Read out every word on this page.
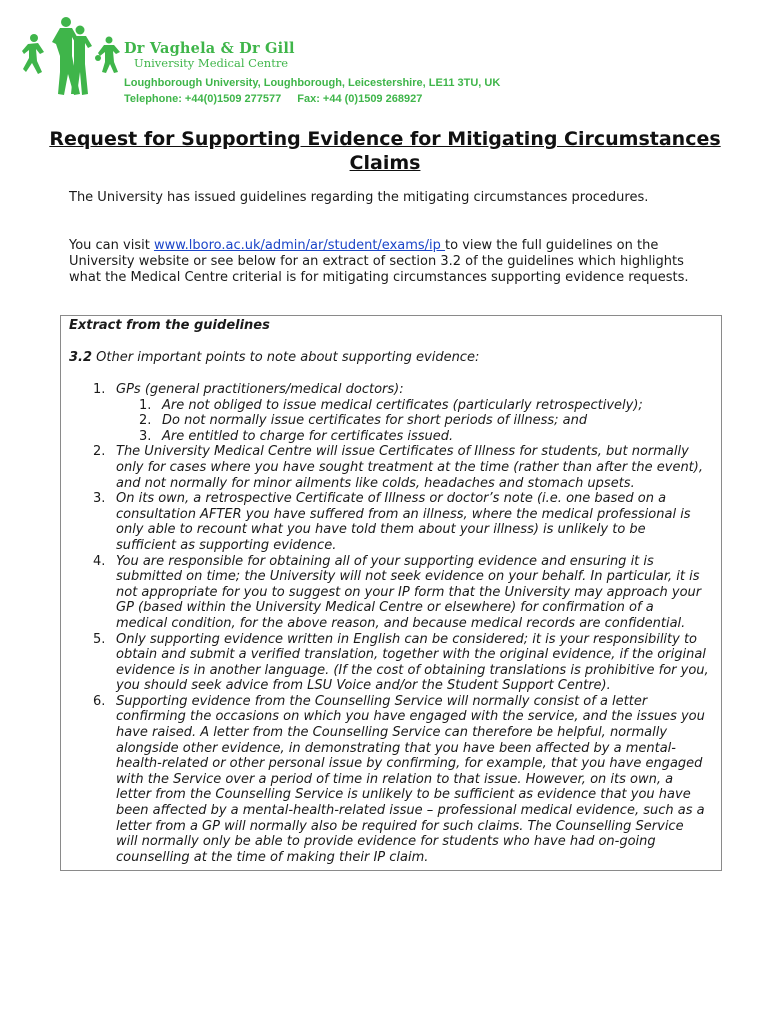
Dr Vaghela & Dr Gill
University Medical Centre
Loughborough University, Loughborough, Leicestershire, LE11 3TU, UK
Telephone: +44(0)1509 277577 Fax: +44 (0)1509 268927
Request for Supporting Evidence for Mitigating Circumstances Claims
The University has issued guidelines regarding the mitigating circumstances procedures.
You can visit www.lboro.ac.uk/admin/ar/student/exams/ip to view the full guidelines on the University website or see below for an extract of section 3.2 of the guidelines which highlights what the Medical Centre criterial is for mitigating circumstances supporting evidence requests.
Extract from the guidelines
3.2 Other important points to note about supporting evidence:
1. GPs (general practitioners/medical doctors):
1. Are not obliged to issue medical certificates (particularly retrospectively);
2. Do not normally issue certificates for short periods of illness; and
3. Are entitled to charge for certificates issued.
2. The University Medical Centre will issue Certificates of Illness for students, but normally only for cases where you have sought treatment at the time (rather than after the event), and not normally for minor ailments like colds, headaches and stomach upsets.
3. On its own, a retrospective Certificate of Illness or doctor’s note (i.e. one based on a consultation AFTER you have suffered from an illness, where the medical professional is only able to recount what you have told them about your illness) is unlikely to be sufficient as supporting evidence.
4. You are responsible for obtaining all of your supporting evidence and ensuring it is submitted on time; the University will not seek evidence on your behalf. In particular, it is not appropriate for you to suggest on your IP form that the University may approach your GP (based within the University Medical Centre or elsewhere) for confirmation of a medical condition, for the above reason, and because medical records are confidential.
5. Only supporting evidence written in English can be considered; it is your responsibility to obtain and submit a verified translation, together with the original evidence, if the original evidence is in another language. (If the cost of obtaining translations is prohibitive for you, you should seek advice from LSU Voice and/or the Student Support Centre).
6. Supporting evidence from the Counselling Service will normally consist of a letter confirming the occasions on which you have engaged with the service, and the issues you have raised. A letter from the Counselling Service can therefore be helpful, normally alongside other evidence, in demonstrating that you have been affected by a mental-health-related or other personal issue by confirming, for example, that you have engaged with the Service over a period of time in relation to that issue. However, on its own, a letter from the Counselling Service is unlikely to be sufficient as evidence that you have been affected by a mental-health-related issue – professional medical evidence, such as a letter from a GP will normally also be required for such claims. The Counselling Service will normally only be able to provide evidence for students who have had on-going counselling at the time of making their IP claim.
